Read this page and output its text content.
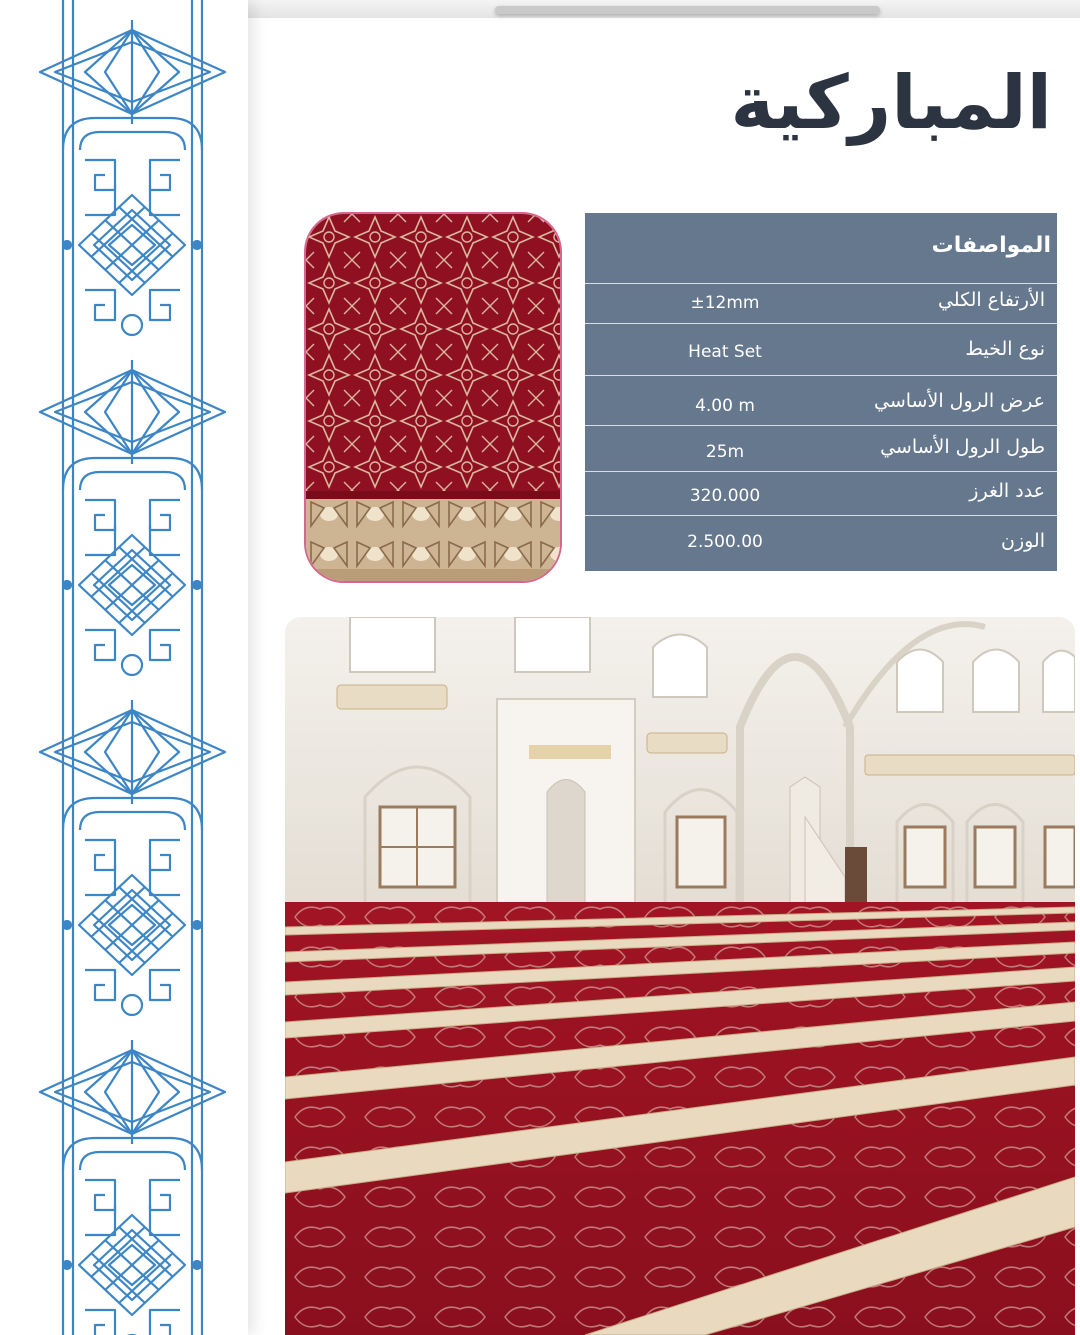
المباركية
المواصفات
الأرتفاع الكلي
±12mm
نوع الخيط
Heat Set
عرض الرول الأساسي
4.00 m
طول الرول الأساسي
25m
عدد الغرز
320.000
الوزن
2.500.00
